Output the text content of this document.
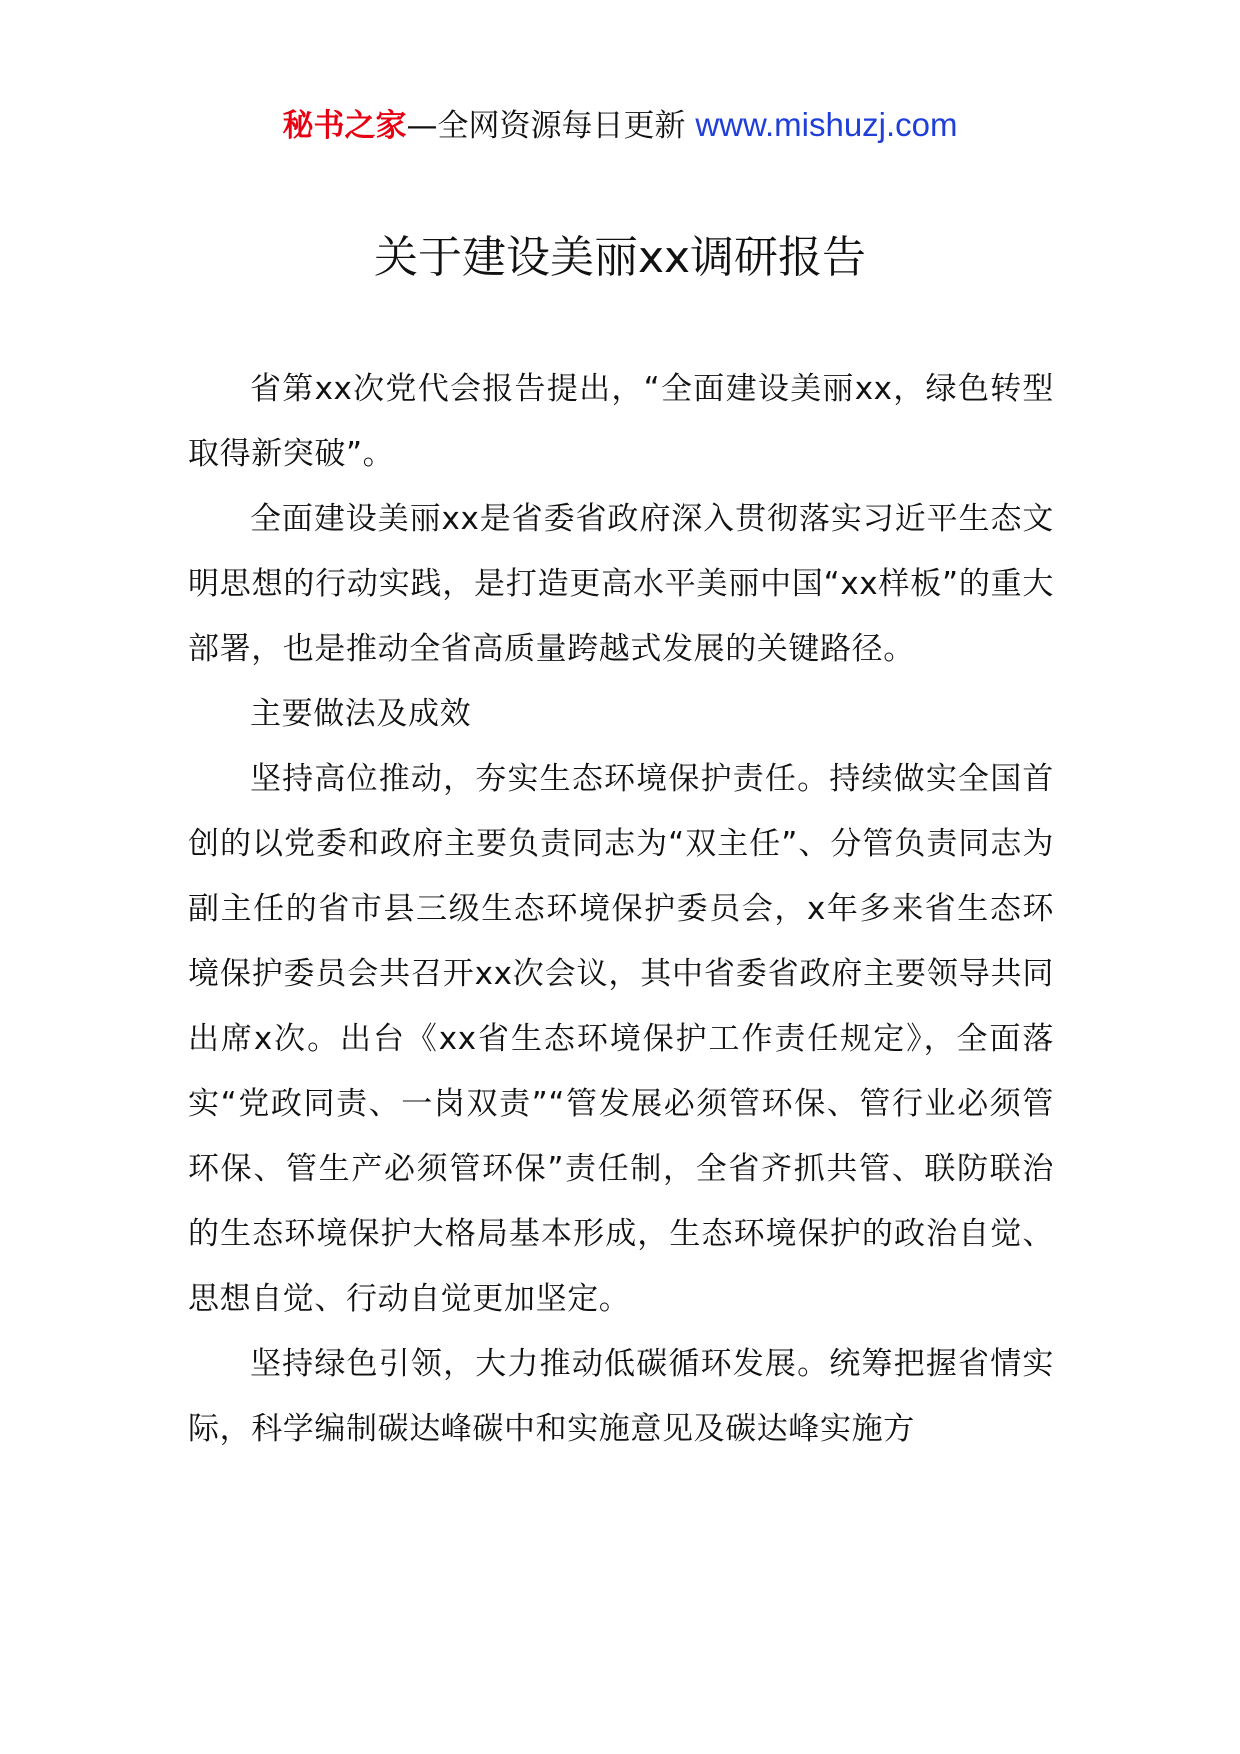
秘书之家—全网资源每日更新 www.mishuzj.com
关于建设美丽xx调研报告

省第xx次党代会报告提出，“全面建设美丽xx，绿色转型取得新突破”。

全面建设美丽xx是省委省政府深入贯彻落实习近平生态文明思想的行动实践，是打造更高水平美丽中国“xx样板”的重大部署，也是推动全省高质量跨越式发展的关键路径。

主要做法及成效

坚持高位推动，夯实生态环境保护责任。持续做实全国首创的以党委和政府主要负责同志为“双主任”、分管负责同志为副主任的省市县三级生态环境保护委员会，x年多来省生态环境保护委员会共召开xx次会议，其中省委省政府主要领导共同出席x次。出台《xx省生态环境保护工作责任规定》，全面落实“党政同责、一岗双责”“管发展必须管环保、管行业必须管环保、管生产必须管环保”责任制，全省齐抓共管、联防联治的生态环境保护大格局基本形成，生态环境保护的政治自觉、思想自觉、行动自觉更加坚定。

坚持绿色引领，大力推动低碳循环发展。统筹把握省情实际，科学编制碳达峰碳中和实施意见及碳达峰实施方
